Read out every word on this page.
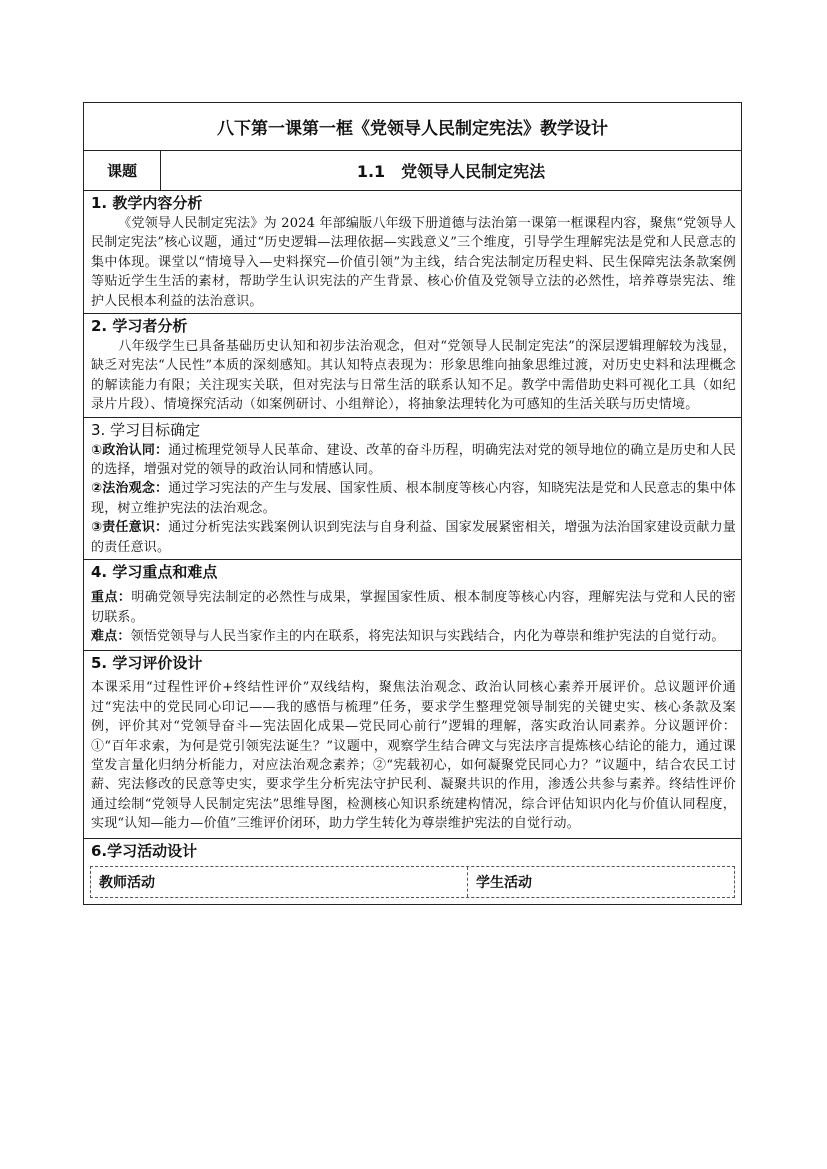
八下第一课第一框《党领导人民制定宪法》教学设计
课题	1.1　党领导人民制定宪法
1. 教学内容分析

《党领导人民制定宪法》为 2024 年部编版八年级下册道德与法治第一课第一框课程内容，聚焦“党领导人民制定宪法”核心议题，通过“历史逻辑—法理依据—实践意义”三个维度，引导学生理解宪法是党和人民意志的集中体现。课堂以“情境导入—史料探究—价值引领”为主线，结合宪法制定历程史料、民生保障宪法条款案例等贴近学生生活的素材，帮助学生认识宪法的产生背景、核心价值及党领导立法的必然性，培养尊崇宪法、维护人民根本利益的法治意识。

2. 学习者分析

八年级学生已具备基础历史认知和初步法治观念，但对“党领导人民制定宪法”的深层逻辑理解较为浅显，缺乏对宪法“人民性”本质的深刻感知。其认知特点表现为：形象思维向抽象思维过渡，对历史史料和法理概念的解读能力有限；关注现实关联，但对宪法与日常生活的联系认知不足。教学中需借助史料可视化工具（如纪录片片段）、情境探究活动（如案例研讨、小组辩论），将抽象法理转化为可感知的生活关联与历史情境。

3. 学习目标确定

①政治认同：通过梳理党领导人民革命、建设、改革的奋斗历程，明确宪法对党的领导地位的确立是历史和人民的选择，增强对党的领导的政治认同和情感认同。

②法治观念：通过学习宪法的产生与发展、国家性质、根本制度等核心内容，知晓宪法是党和人民意志的集中体现，树立维护宪法的法治观念。

③责任意识：通过分析宪法实践案例认识到宪法与自身利益、国家发展紧密相关，增强为法治国家建设贡献力量的责任意识。

4. 学习重点和难点

重点：明确党领导宪法制定的必然性与成果，掌握国家性质、根本制度等核心内容，理解宪法与党和人民的密切联系。

难点：领悟党领导与人民当家作主的内在联系，将宪法知识与实践结合，内化为尊崇和维护宪法的自觉行动。

5. 学习评价设计

本课采用“过程性评价+终结性评价”双线结构，聚焦法治观念、政治认同核心素养开展评价。总议题评价通过“宪法中的党民同心印记——我的感悟与梳理”任务，要求学生整理党领导制宪的关键史实、核心条款及案例，评价其对“党领导奋斗—宪法固化成果—党民同心前行”逻辑的理解，落实政治认同素养。分议题评价：①“百年求索，为何是党引领宪法诞生？”议题中，观察学生结合碑文与宪法序言提炼核心结论的能力，通过课堂发言量化归纳分析能力，对应法治观念素养；②“宪载初心，如何凝聚党民同心力？”议题中，结合农民工讨薪、宪法修改的民意等史实，要求学生分析宪法守护民利、凝聚共识的作用，渗透公共参与素养。终结性评价通过绘制“党领导人民制定宪法”思维导图，检测核心知识系统建构情况，综合评估知识内化与价值认同程度，实现“认知—能力—价值”三维评价闭环，助力学生转化为尊崇维护宪法的自觉行动。

6.学习活动设计
教师活动	学生活动
